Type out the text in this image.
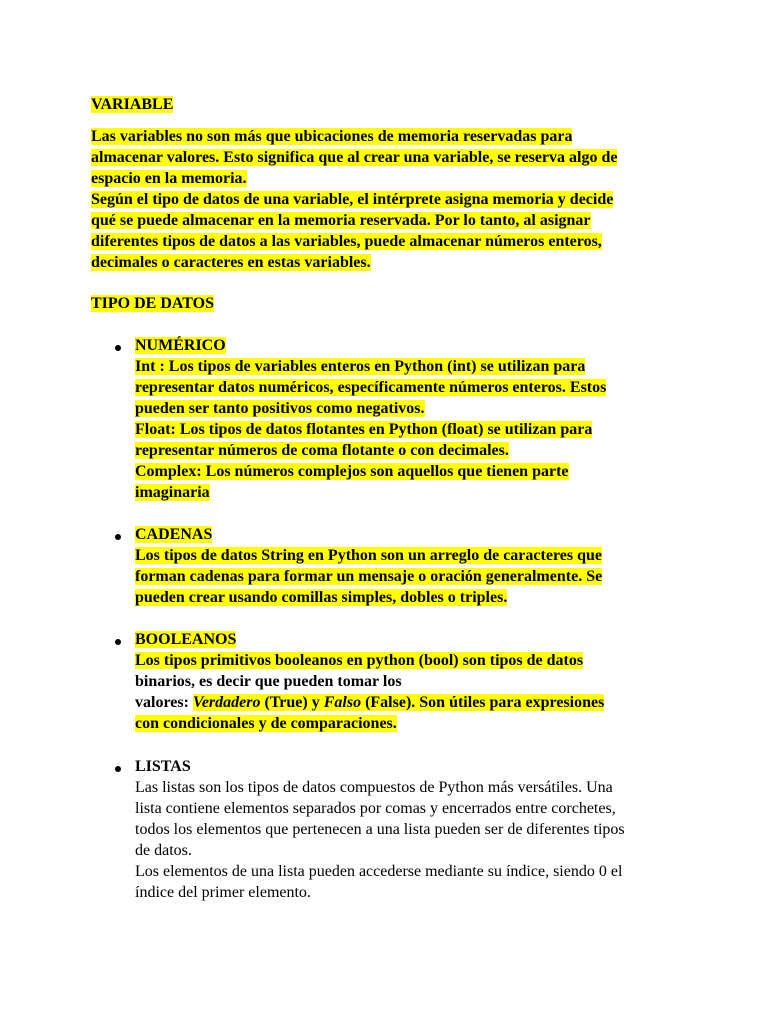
VARIABLE
Las variables no son más que ubicaciones de memoria reservadas para
almacenar valores. Esto significa que al crear una variable, se reserva algo de
espacio en la memoria.
Según el tipo de datos de una variable, el intérprete asigna memoria y decide
qué se puede almacenar en la memoria reservada. Por lo tanto, al asignar
diferentes tipos de datos a las variables, puede almacenar números enteros,
decimales o caracteres en estas variables.
TIPO DE DATOS
NUMÉRICO
Int : Los tipos de variables enteros en Python (int) se utilizan para
representar datos numéricos, específicamente números enteros. Estos
pueden ser tanto positivos como negativos.
Float: Los tipos de datos flotantes en Python (float) se utilizan para
representar números de coma flotante o con decimales.
Complex: Los números complejos son aquellos que tienen parte
imaginaria
CADENAS
Los tipos de datos String en Python son un arreglo de caracteres que
forman cadenas para formar un mensaje o oración generalmente. Se
pueden crear usando comillas simples, dobles o triples.
BOOLEANOS
Los tipos primitivos booleanos en python (bool) son tipos de datos
binarios, es decir que pueden tomar los
valores: Verdadero (True) y Falso (False). Son útiles para expresiones
con condicionales y de comparaciones.
LISTAS
Las listas son los tipos de datos compuestos de Python más versátiles. Una
lista contiene elementos separados por comas y encerrados entre corchetes,
todos los elementos que pertenecen a una lista pueden ser de diferentes tipos
de datos.
Los elementos de una lista pueden accederse mediante su índice, siendo 0 el
índice del primer elemento.
